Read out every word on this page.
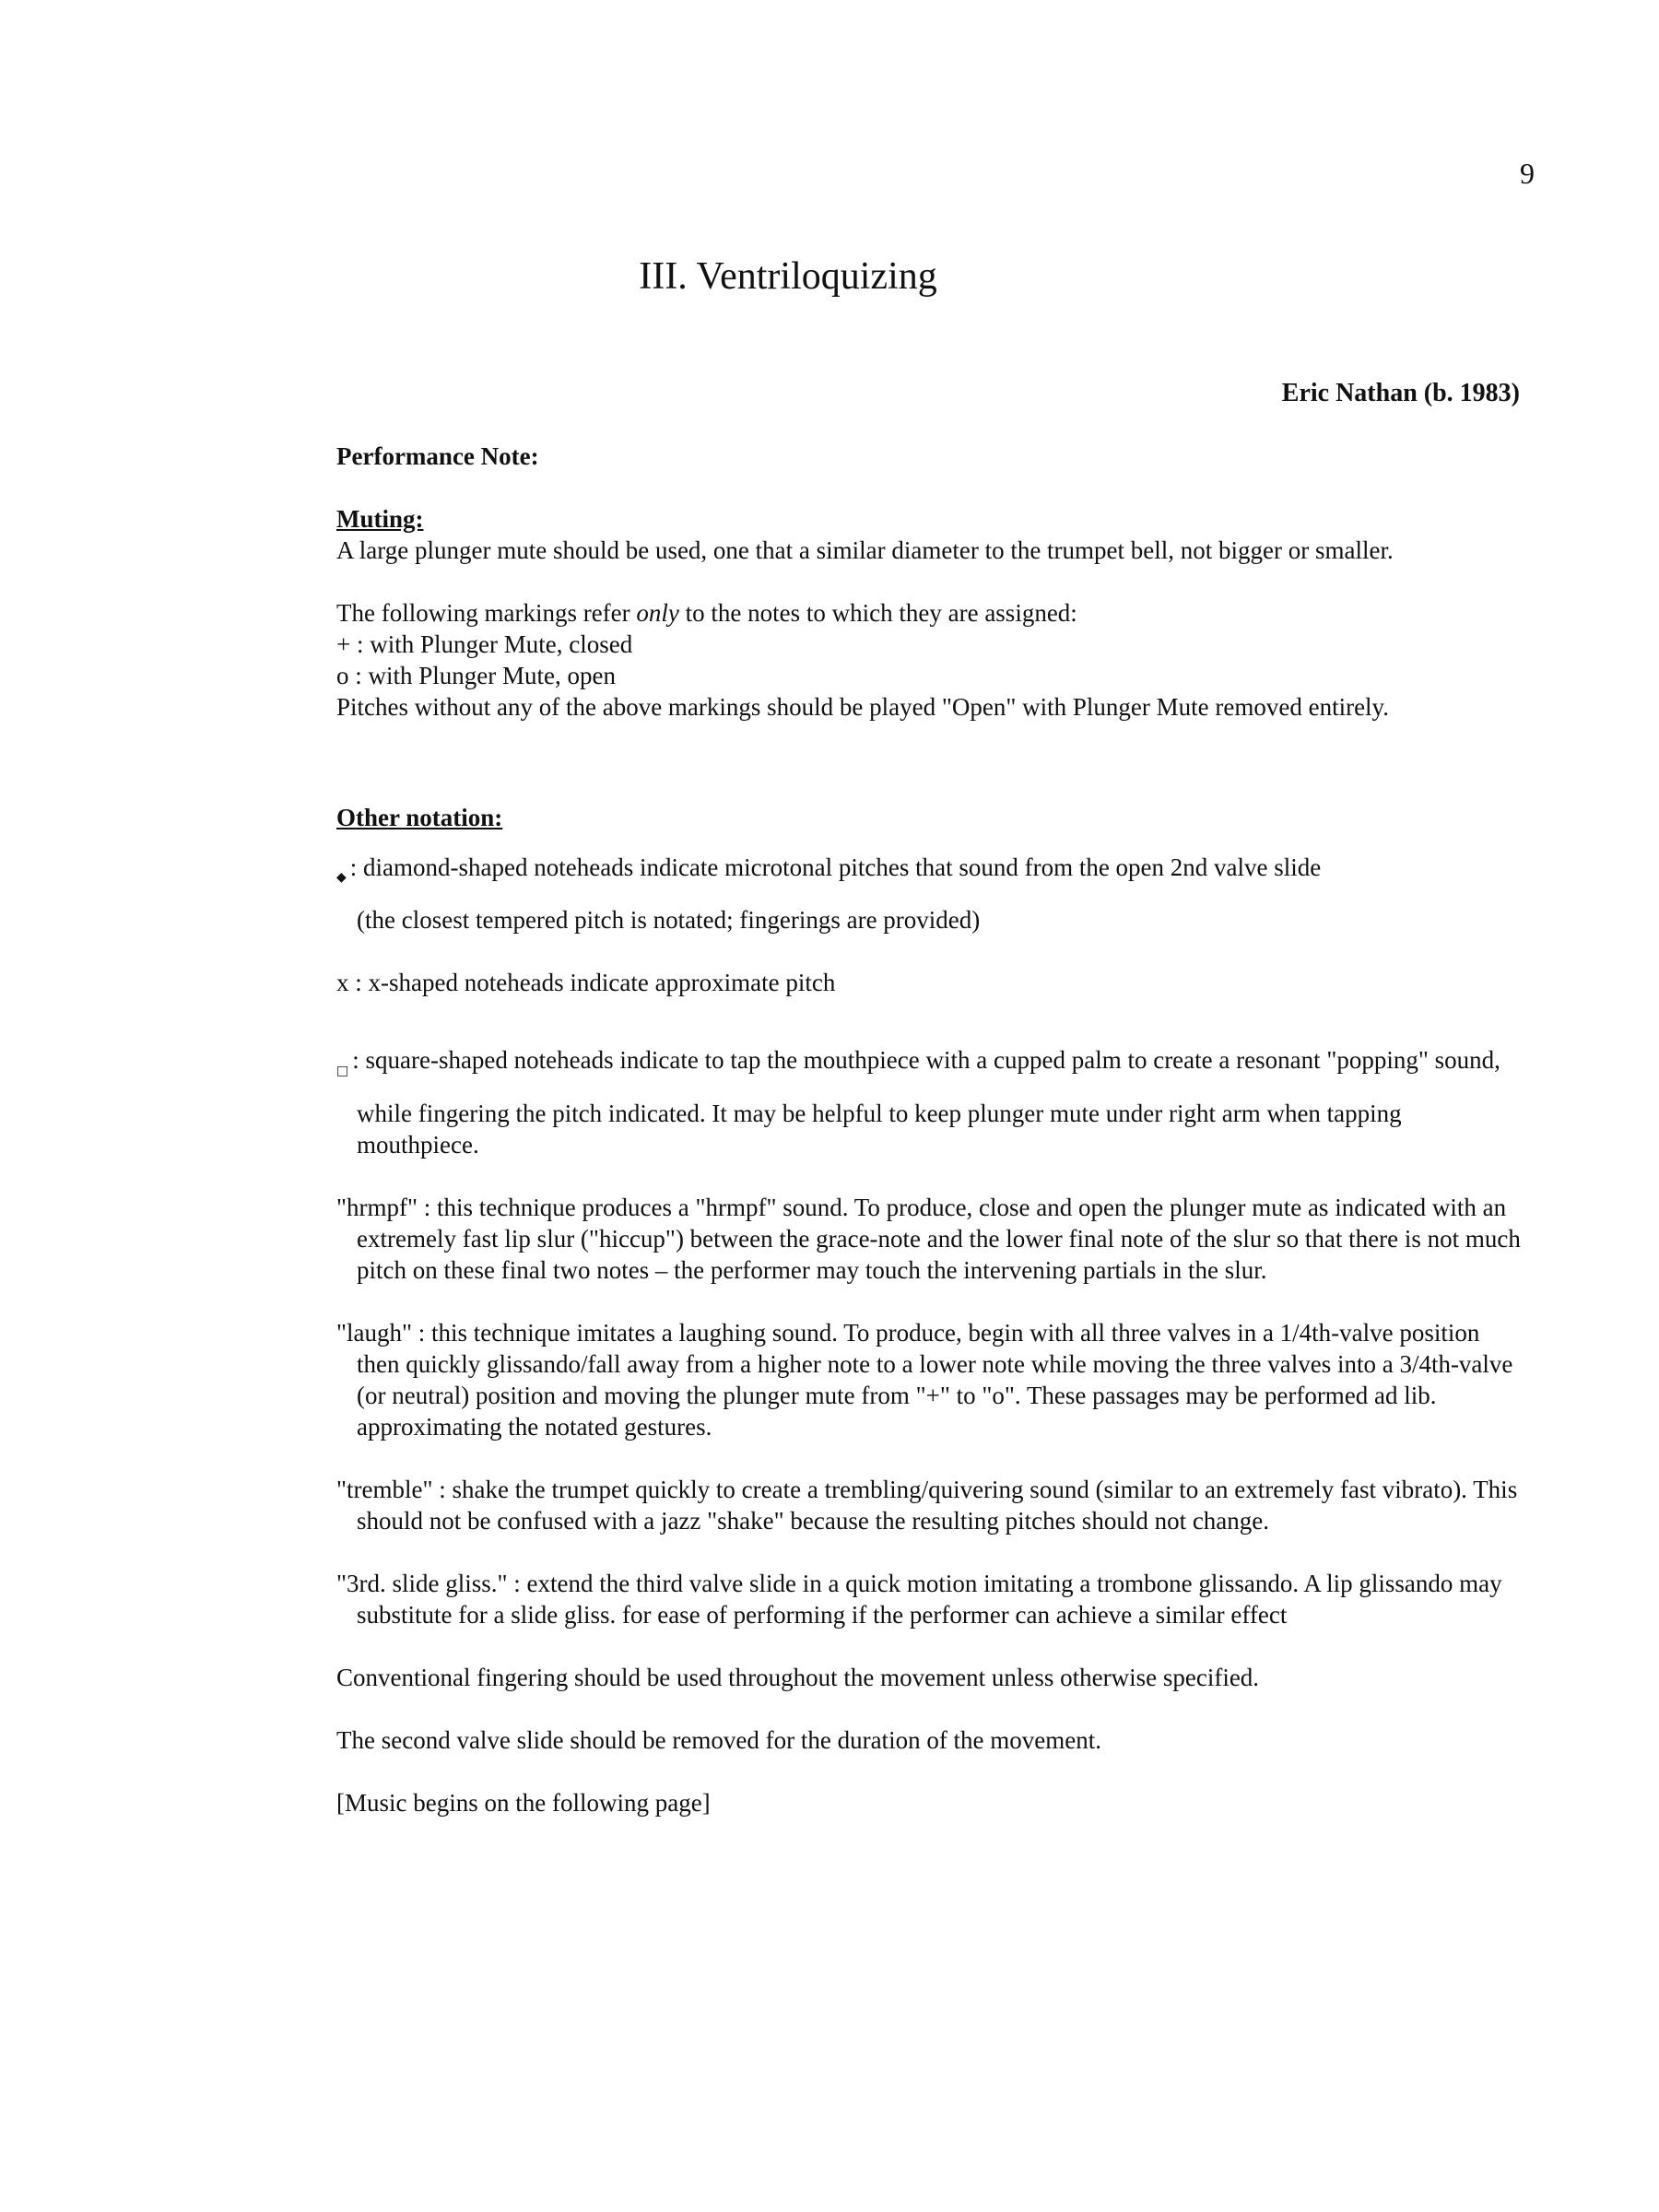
9
III. Ventriloquizing
Eric Nathan (b. 1983)

Performance Note:

Muting:

A large plunger mute should be used, one that a similar diameter to the trumpet bell, not bigger or smaller.

The following markings refer only to the notes to which they are assigned:

+ : with Plunger Mute, closed

o : with Plunger Mute, open

Pitches without any of the above markings should be played "Open" with Plunger Mute removed entirely.

Other notation:

◆ : diamond-shaped noteheads indicate microtonal pitches that sound from the open 2nd valve slide

(the closest tempered pitch is notated; fingerings are provided)

x : x-shaped noteheads indicate approximate pitch

□ : square-shaped noteheads indicate to tap the mouthpiece with a cupped palm to create a resonant "popping" sound,

while fingering the pitch indicated. It may be helpful to keep plunger mute under right arm when tapping mouthpiece.

"hrmpf" : this technique produces a "hrmpf" sound. To produce, close and open the plunger mute as indicated with an extremely fast lip slur ("hiccup") between the grace-note and the lower final note of the slur so that there is not much pitch on these final two notes – the performer may touch the intervening partials in the slur.

"laugh" : this technique imitates a laughing sound. To produce, begin with all three valves in a 1/4th-valve position then quickly glissando/fall away from a higher note to a lower note while moving the three valves into a 3/4th-valve (or neutral) position and moving the plunger mute from "+" to "o". These passages may be performed ad lib. approximating the notated gestures.

"tremble" : shake the trumpet quickly to create a trembling/quivering sound (similar to an extremely fast vibrato). This should not be confused with a jazz "shake" because the resulting pitches should not change.

"3rd. slide gliss." : extend the third valve slide in a quick motion imitating a trombone glissando. A lip glissando may substitute for a slide gliss. for ease of performing if the performer can achieve a similar effect

Conventional fingering should be used throughout the movement unless otherwise specified.

The second valve slide should be removed for the duration of the movement.

[Music begins on the following page]
